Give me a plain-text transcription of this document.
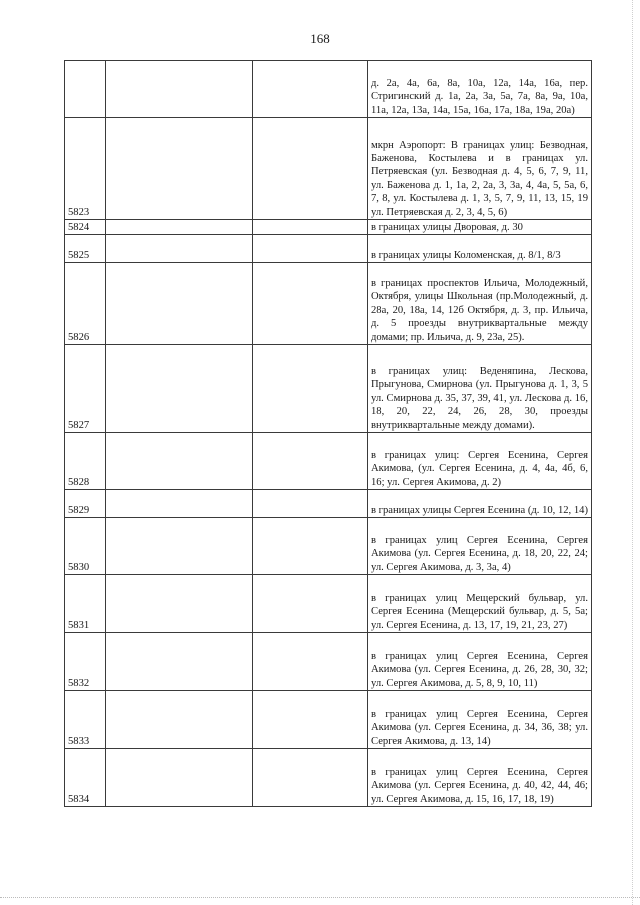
168
			д. 2а, 4а, 6а, 8а, 10а, 12а, 14а, 16а, пер. Стригинский д. 1а, 2а, 3а, 5а, 7а, 8а, 9а, 10а, 11а, 12а, 13а, 14а, 15а, 16а, 17а, 18а, 19а, 20а)
5823			мкрн Аэропорт: В границах улиц: Безводная, Баженова, Костылева и в границах ул. Петряевская (ул. Безводная д. 4, 5, 6, 7, 9, 11, ул. Баженова д. 1, 1а, 2, 2а, 3, 3а, 4, 4а, 5, 5а, 6, 7, 8, ул. Костылева д. 1, 3, 5, 7, 9, 11, 13, 15, 19 ул. Петряевская д. 2, 3, 4, 5, 6)
5824			в границах улицы Дворовая, д. 30
5825			в границах улицы Коломенская, д. 8/1, 8/3
5826			в границах проспектов Ильича, Молодежный, Октября, улицы Школьная (пр.Молодежный, д. 28а, 20, 18а, 14, 12б Октября, д. 3, пр. Ильича, д. 5 проезды внутриквартальные между домами; пр. Ильича, д. 9, 23а, 25).
5827			в границах улиц: Веденяпина, Лескова, Прыгунова, Смирнова (ул. Прыгунова д. 1, 3, 5 ул. Смирнова д. 35, 37, 39, 41, ул. Лескова д. 16, 18, 20, 22, 24, 26, 28, 30, проезды внутриквартальные между домами).
5828			в границах улиц: Сергея Есенина, Сергея Акимова, (ул. Сергея Есенина, д. 4, 4а, 4б, 6, 16; ул. Сергея Акимова, д. 2)
5829			в границах улицы Сергея Есенина (д. 10, 12, 14)
5830			в границах улиц Сергея Есенина, Сергея Акимова (ул. Сергея Есенина, д. 18, 20, 22, 24; ул. Сергея Акимова, д. 3, 3а, 4)
5831			в границах улиц Мещерский бульвар, ул. Сергея Есенина (Мещерский бульвар, д. 5, 5а; ул. Сергея Есенина, д. 13, 17, 19, 21, 23, 27)
5832			в границах улиц Сергея Есенина, Сергея Акимова (ул. Сергея Есенина, д. 26, 28, 30, 32; ул. Сергея Акимова, д. 5, 8, 9, 10, 11)
5833			в границах улиц Сергея Есенина, Сергея Акимова (ул. Сергея Есенина, д. 34, 36, 38; ул. Сергея Акимова, д. 13, 14)
5834			в границах улиц Сергея Есенина, Сергея Акимова (ул. Сергея Есенина, д. 40, 42, 44, 46; ул. Сергея Акимова, д. 15, 16, 17, 18, 19)
